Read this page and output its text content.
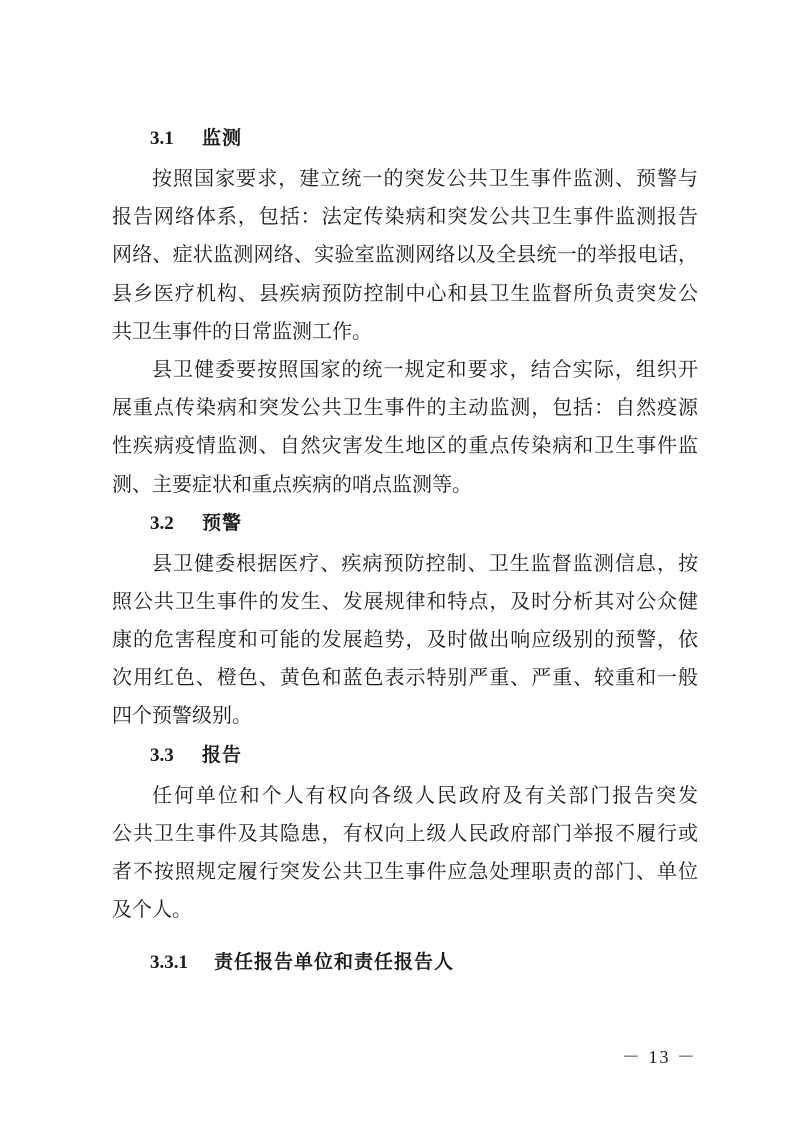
3.1 监测
按照国家要求，建立统一的突发公共卫生事件监测、预警与
报告网络体系，包括：法定传染病和突发公共卫生事件监测报告
网络、症状监测网络、实验室监测网络以及全县统一的举报电话，
县乡医疗机构、县疾病预防控制中心和县卫生监督所负责突发公
共卫生事件的日常监测工作。
县卫健委要按照国家的统一规定和要求，结合实际，组织开
展重点传染病和突发公共卫生事件的主动监测，包括：自然疫源
性疾病疫情监测、自然灾害发生地区的重点传染病和卫生事件监
测、主要症状和重点疾病的哨点监测等。
3.2 预警
县卫健委根据医疗、疾病预防控制、卫生监督监测信息，按
照公共卫生事件的发生、发展规律和特点，及时分析其对公众健
康的危害程度和可能的发展趋势，及时做出响应级别的预警，依
次用红色、橙色、黄色和蓝色表示特别严重、严重、较重和一般
四个预警级别。
3.3 报告
任何单位和个人有权向各级人民政府及有关部门报告突发
公共卫生事件及其隐患，有权向上级人民政府部门举报不履行或
者不按照规定履行突发公共卫生事件应急处理职责的部门、单位
及个人。
3.3.1 责任报告单位和责任报告人
－ 13 －
